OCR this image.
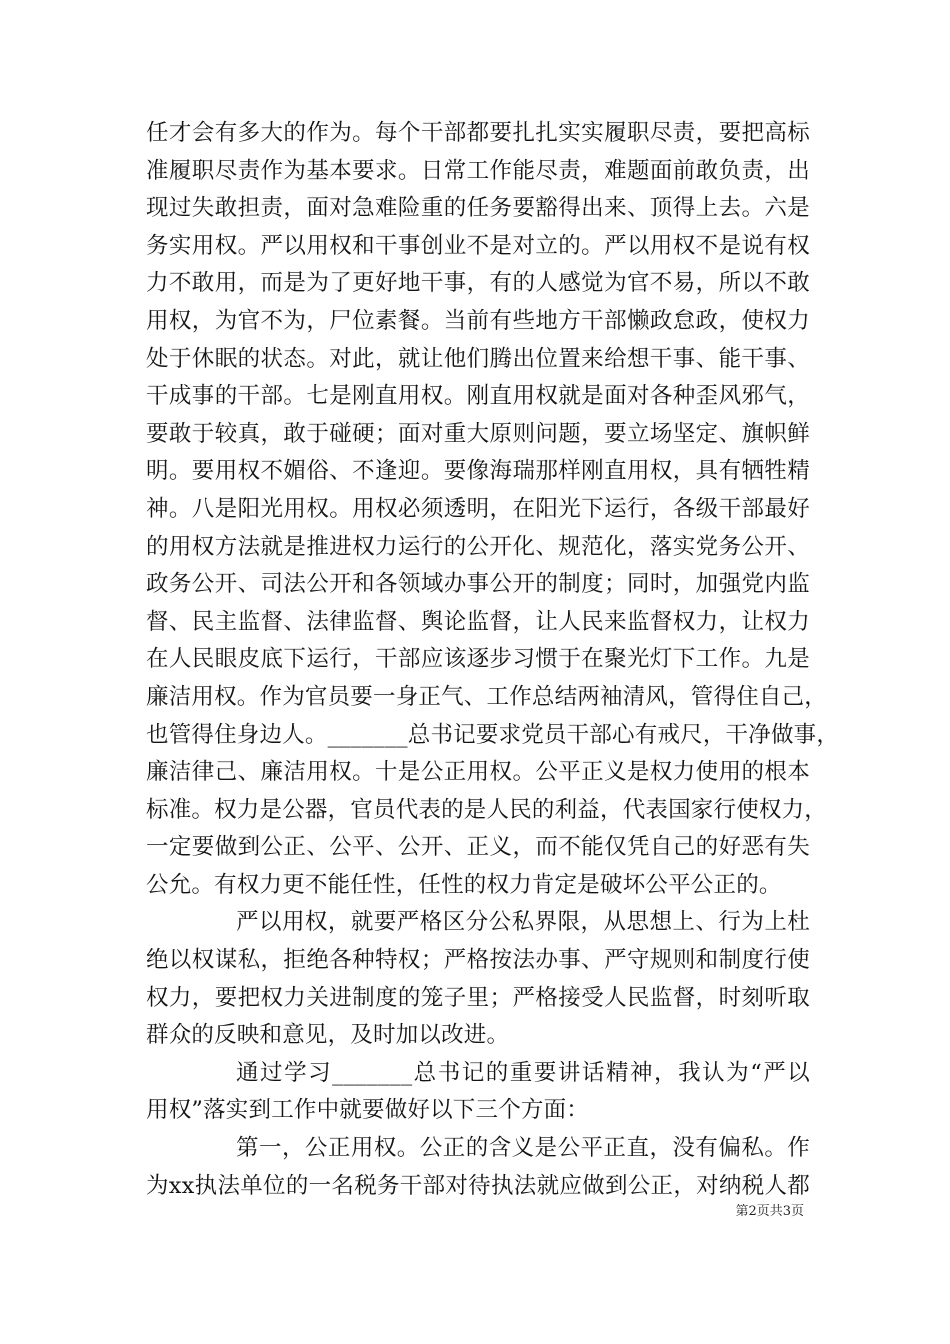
任才会有多大的作为。每个干部都要扎扎实实履职尽责，要把高标
准履职尽责作为基本要求。日常工作能尽责，难题面前敢负责，出
现过失敢担责，面对急难险重的任务要豁得出来、顶得上去。六是
务实用权。严以用权和干事创业不是对立的。严以用权不是说有权
力不敢用，而是为了更好地干事，有的人感觉为官不易，所以不敢
用权，为官不为，尸位素餐。当前有些地方干部懒政怠政，使权力
处于休眠的状态。对此，就让他们腾出位置来给想干事、能干事、
干成事的干部。七是刚直用权。刚直用权就是面对各种歪风邪气，
要敢于较真，敢于碰硬；面对重大原则问题，要立场坚定、旗帜鲜
明。要用权不媚俗、不逢迎。要像海瑞那样刚直用权，具有牺牲精
神。八是阳光用权。用权必须透明，在阳光下运行，各级干部最好
的用权方法就是推进权力运行的公开化、规范化，落实党务公开、
政务公开、司法公开和各领域办事公开的制度；同时，加强党内监
督、民主监督、法律监督、舆论监督，让人民来监督权力，让权力
在人民眼皮底下运行，干部应该逐步习惯于在聚光灯下工作。九是
廉洁用权。作为官员要一身正气、工作总结两袖清风，管得住自己，
也管得住身边人。_______总书记要求党员干部心有戒尺，干净做事，
廉洁律己、廉洁用权。十是公正用权。公平正义是权力使用的根本
标准。权力是公器，官员代表的是人民的利益，代表国家行使权力，
一定要做到公正、公平、公开、正义，而不能仅凭自己的好恶有失
公允。有权力更不能任性，任性的权力肯定是破坏公平公正的。
严以用权，就要严格区分公私界限，从思想上、行为上杜
绝以权谋私，拒绝各种特权；严格按法办事、严守规则和制度行使
权力，要把权力关进制度的笼子里；严格接受人民监督，时刻听取
群众的反映和意见，及时加以改进。
通过学习_______总书记的重要讲话精神，我认为“严以
用权”落实到工作中就要做好以下三个方面：
第一，公正用权。公正的含义是公平正直，没有偏私。作
为xx执法单位的一名税务干部对待执法就应做到公正，对纳税人都
第2页共3页
